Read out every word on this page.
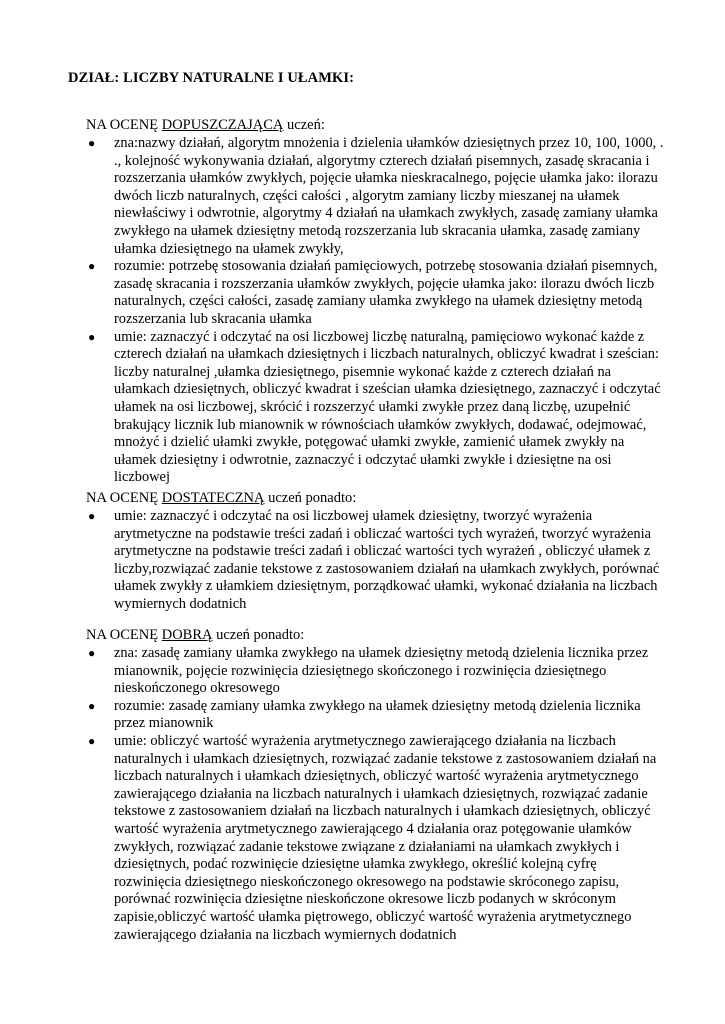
DZIAŁ: LICZBY NATURALNE I UŁAMKI:
NA OCENĘ DOPUSZCZAJĄCĄ uczeń:
● zna:nazwy działań, algorytm mnożenia i dzielenia ułamków dziesiętnych przez 10, 100, 1000, . ., kolejność wykonywania działań, algorytmy czterech działań pisemnych, zasadę skracania i rozszerzania ułamków zwykłych, pojęcie ułamka nieskracalnego, pojęcie ułamka jako: ilorazu dwóch liczb naturalnych, części całości , algorytm zamiany liczby mieszanej na ułamek niewłaściwy i odwrotnie, algorytmy 4 działań na ułamkach zwykłych, zasadę zamiany ułamka zwykłego na ułamek dziesiętny metodą rozszerzania lub skracania ułamka, zasadę zamiany ułamka dziesiętnego na ułamek zwykły,
● rozumie: potrzebę stosowania działań pamięciowych, potrzebę stosowania działań pisemnych, zasadę skracania i rozszerzania ułamków zwykłych, pojęcie ułamka jako: ilorazu dwóch liczb naturalnych, części całości, zasadę zamiany ułamka zwykłego na ułamek dziesiętny metodą rozszerzania lub skracania ułamka
● umie: zaznaczyć i odczytać na osi liczbowej liczbę naturalną, pamięciowo wykonać każde z czterech działań na ułamkach dziesiętnych i liczbach naturalnych, obliczyć kwadrat i sześcian: liczby naturalnej ,ułamka dziesiętnego, pisemnie wykonać każde z czterech działań na ułamkach dziesiętnych, obliczyć kwadrat i sześcian ułamka dziesiętnego, zaznaczyć i odczytać ułamek na osi liczbowej, skrócić i rozszerzyć ułamki zwykłe przez daną liczbę, uzupełnić brakujący licznik lub mianownik w równościach ułamków zwykłych, dodawać, odejmować, mnożyć i dzielić ułamki zwykłe, potęgować ułamki zwykłe, zamienić ułamek zwykły na ułamek dziesiętny i odwrotnie, zaznaczyć i odczytać ułamki zwykłe i dziesiętne na osi liczbowej
NA OCENĘ DOSTATECZNĄ uczeń ponadto:
● umie: zaznaczyć i odczytać na osi liczbowej ułamek dziesiętny, tworzyć wyrażenia arytmetyczne na podstawie treści zadań i obliczać wartości tych wyrażeń, tworzyć wyrażenia arytmetyczne na podstawie treści zadań i obliczać wartości tych wyrażeń , obliczyć ułamek z liczby,rozwiązać zadanie tekstowe z zastosowaniem działań na ułamkach zwykłych, porównać ułamek zwykły z ułamkiem dziesiętnym, porządkować ułamki, wykonać działania na liczbach wymiernych dodatnich
NA OCENĘ DOBRĄ uczeń ponadto:
● zna: zasadę zamiany ułamka zwykłego na ułamek dziesiętny metodą dzielenia licznika przez mianownik, pojęcie rozwinięcia dziesiętnego skończonego i rozwinięcia dziesiętnego nieskończonego okresowego
● rozumie: zasadę zamiany ułamka zwykłego na ułamek dziesiętny metodą dzielenia licznika przez mianownik
● umie: obliczyć wartość wyrażenia arytmetycznego zawierającego działania na liczbach naturalnych i ułamkach dziesiętnych, rozwiązać zadanie tekstowe z zastosowaniem działań na liczbach naturalnych i ułamkach dziesiętnych, obliczyć wartość wyrażenia arytmetycznego zawierającego działania na liczbach naturalnych i ułamkach dziesiętnych, rozwiązać zadanie tekstowe z zastosowaniem działań na liczbach naturalnych i ułamkach dziesiętnych, obliczyć wartość wyrażenia arytmetycznego zawierającego 4 działania oraz potęgowanie ułamków zwykłych, rozwiązać zadanie tekstowe związane z działaniami na ułamkach zwykłych i dziesiętnych, podać rozwinięcie dziesiętne ułamka zwykłego, określić kolejną cyfrę rozwinięcia dziesiętnego nieskończonego okresowego na podstawie skróconego zapisu, porównać rozwinięcia dziesiętne nieskończone okresowe liczb podanych w skróconym zapisie,obliczyć wartość ułamka piętrowego, obliczyć wartość wyrażenia arytmetycznego zawierającego działania na liczbach wymiernych dodatnich
